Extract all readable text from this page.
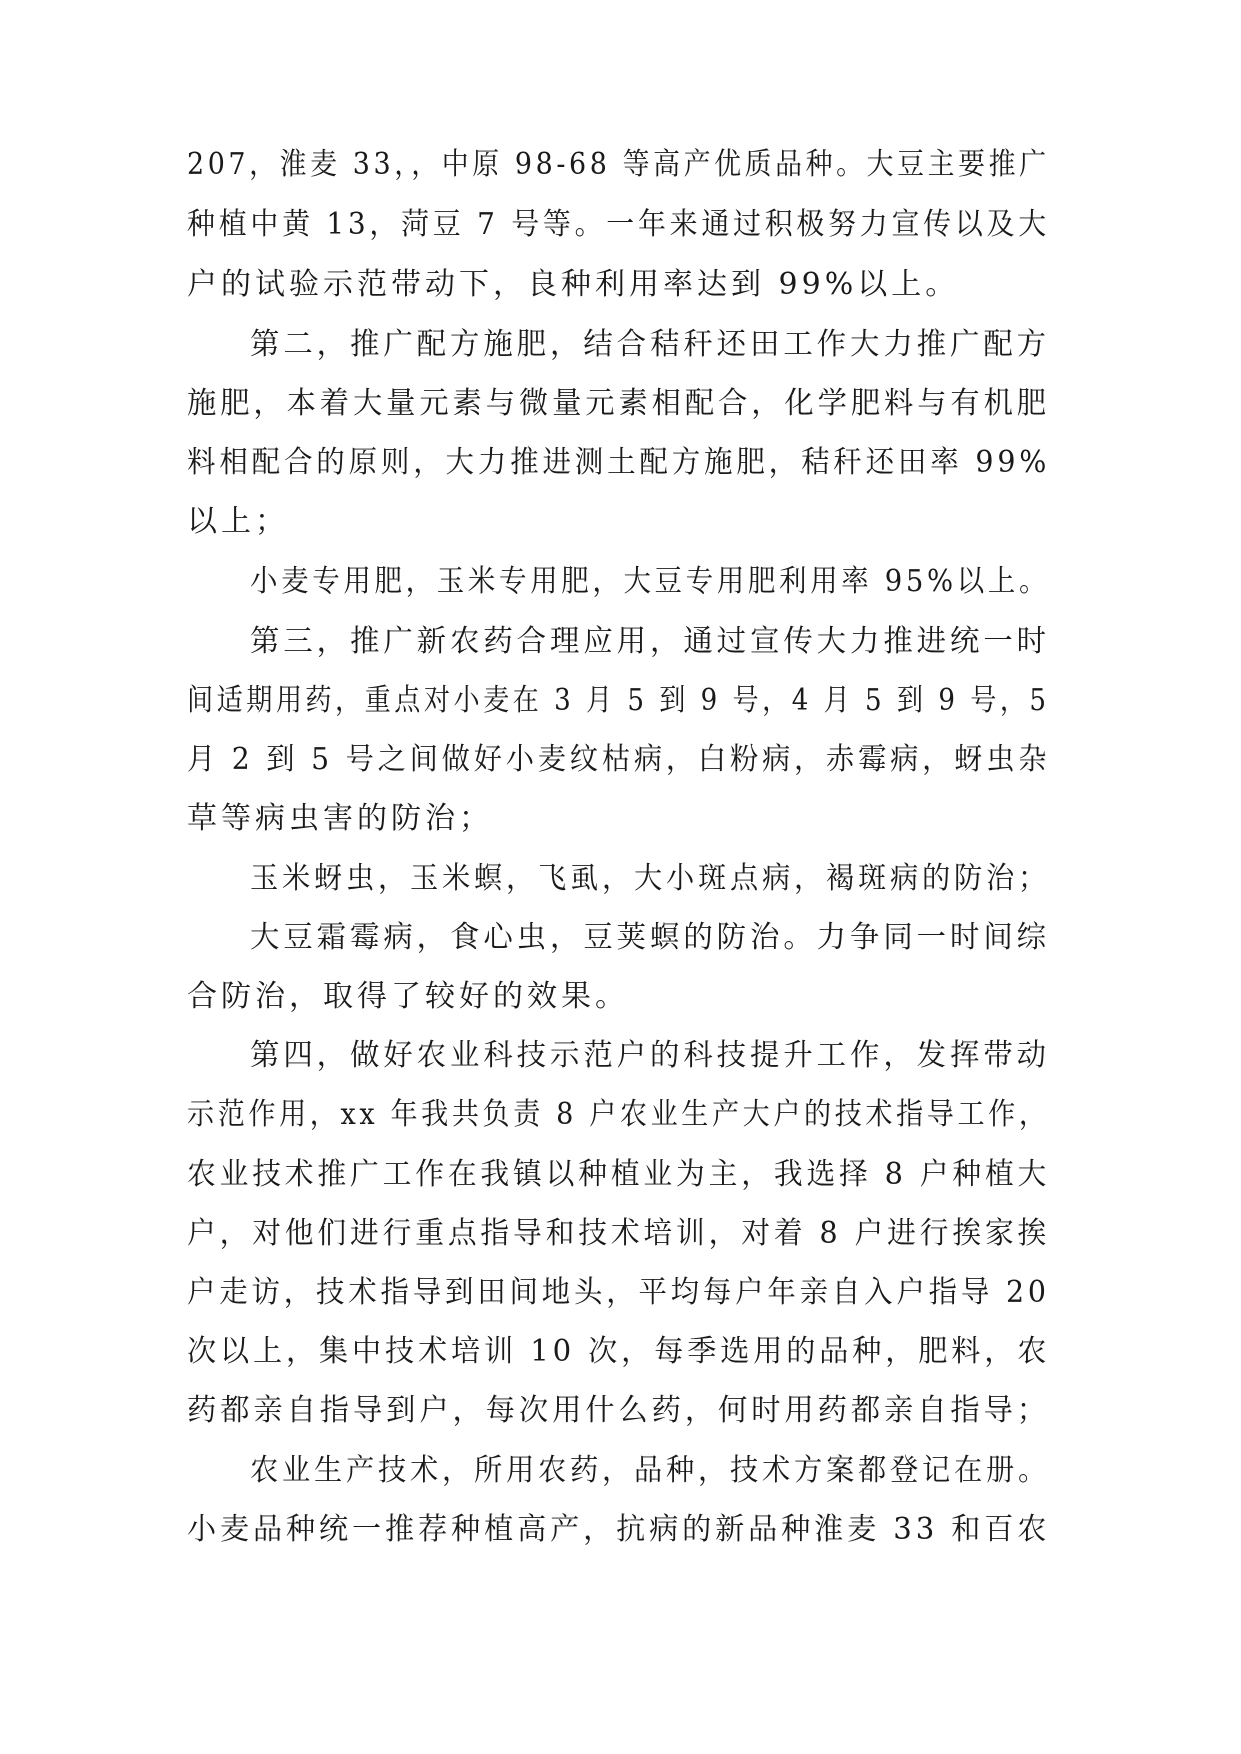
207，淮麦 33，，中原 98-68 等高产优质品种。大豆主要推广
种植中黄 13，菏豆 7 号等。一年来通过积极努力宣传以及大
户的试验示范带动下，良种利用率达到 99%以上。
第二，推广配方施肥，结合秸秆还田工作大力推广配方
施肥，本着大量元素与微量元素相配合，化学肥料与有机肥
料相配合的原则，大力推进测土配方施肥，秸秆还田率 99%
以上；
小麦专用肥，玉米专用肥，大豆专用肥利用率 95%以上。
第三，推广新农药合理应用，通过宣传大力推进统一时
间适期用药，重点对小麦在 3 月 5 到 9 号，4 月 5 到 9 号，5
月 2 到 5 号之间做好小麦纹枯病，白粉病，赤霉病，蚜虫杂
草等病虫害的防治；
玉米蚜虫，玉米螟，飞虱，大小斑点病，褐斑病的防治；
大豆霜霉病，食心虫，豆荚螟的防治。力争同一时间综
合防治，取得了较好的效果。
第四，做好农业科技示范户的科技提升工作，发挥带动
示范作用，xx 年我共负责 8 户农业生产大户的技术指导工作，
农业技术推广工作在我镇以种植业为主，我选择 8 户种植大
户，对他们进行重点指导和技术培训，对着 8 户进行挨家挨
户走访，技术指导到田间地头，平均每户年亲自入户指导 20
次以上，集中技术培训 10 次，每季选用的品种，肥料，农
药都亲自指导到户，每次用什么药，何时用药都亲自指导；
农业生产技术，所用农药，品种，技术方案都登记在册。
小麦品种统一推荐种植高产，抗病的新品种淮麦 33 和百农
